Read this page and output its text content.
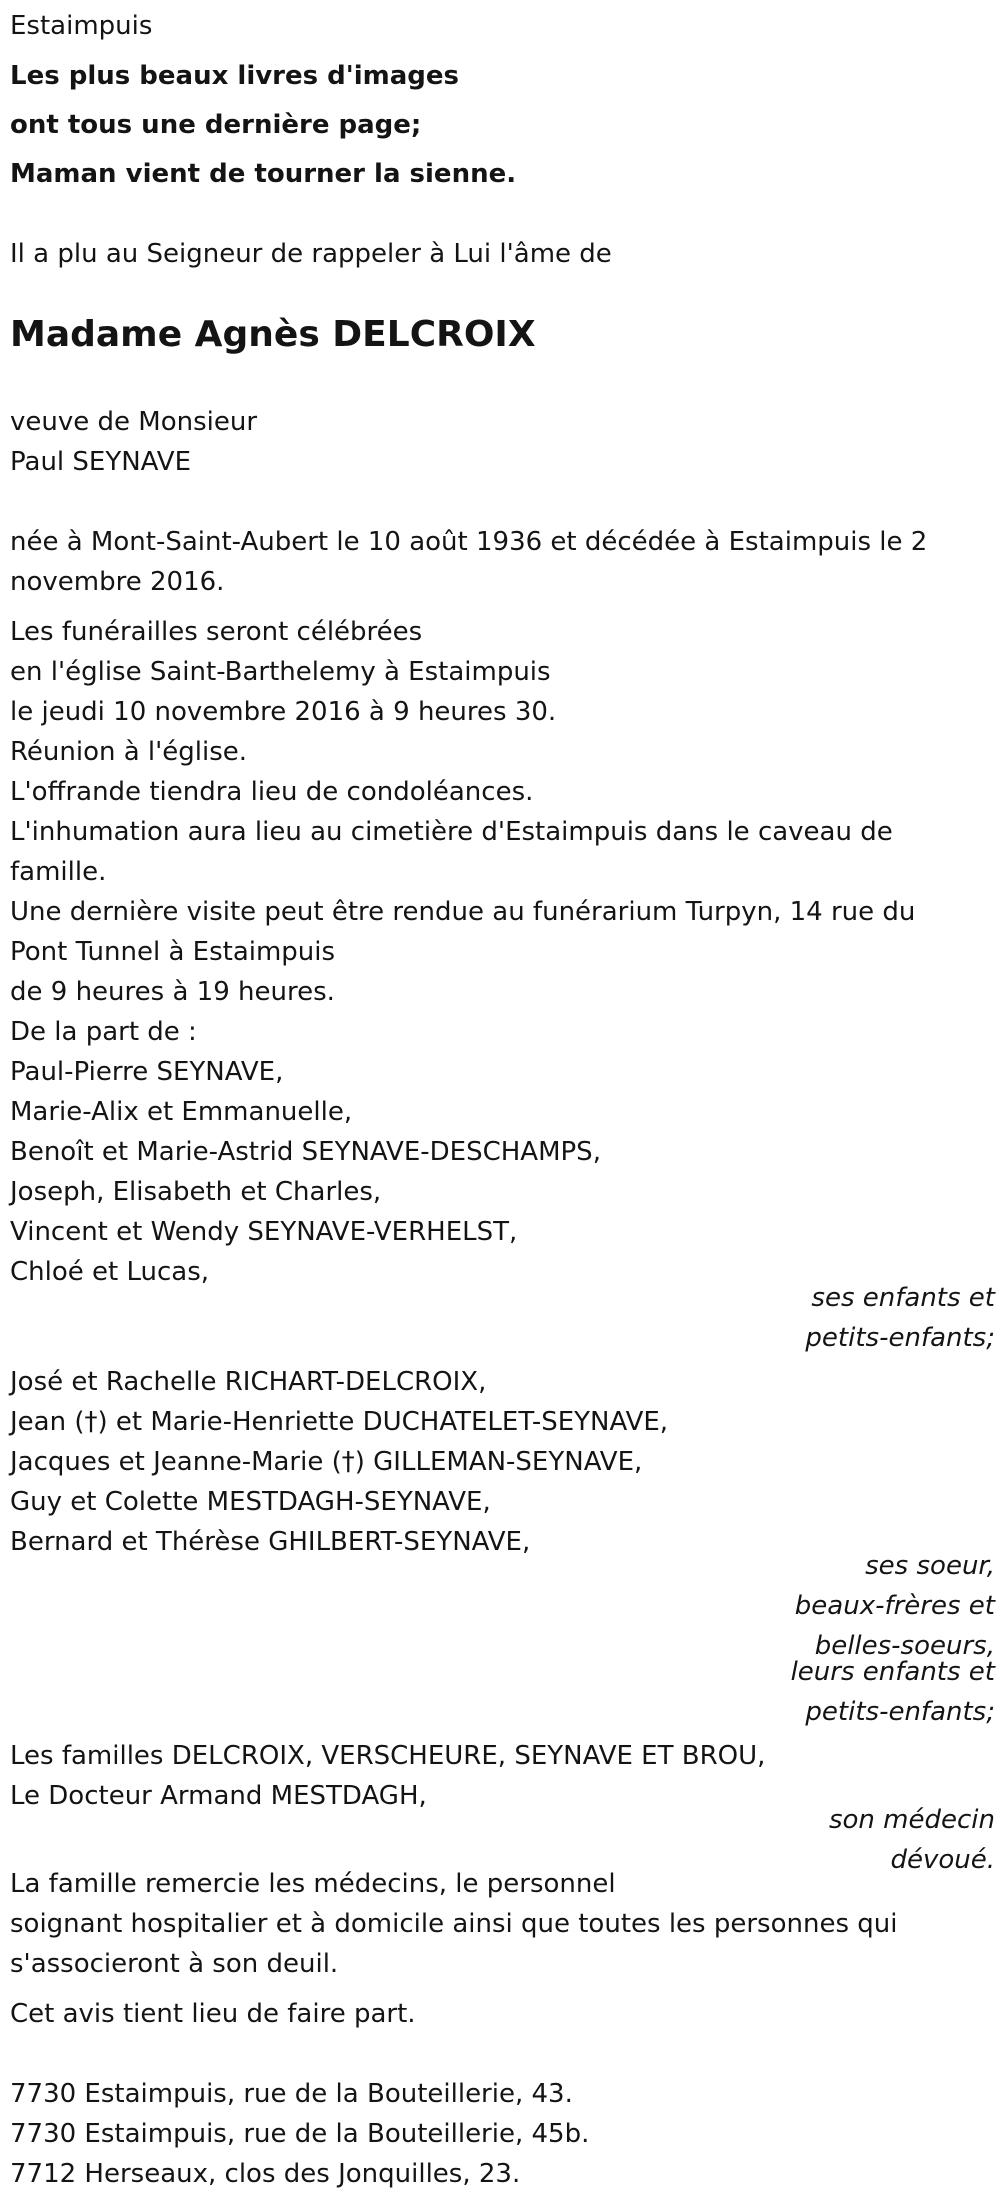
Estaimpuis
Les plus beaux livres d'images
ont tous une dernière page;
Maman vient de tourner la sienne.
Il a plu au Seigneur de rappeler à Lui l'âme de
Madame Agnès DELCROIX
veuve de Monsieur
Paul SEYNAVE
née à Mont-Saint-Aubert le 10 août 1936 et décédée à Estaimpuis le 2 novembre 2016.
Les funérailles seront célébrées
en l'église Saint-Barthelemy à Estaimpuis
le jeudi 10 novembre 2016 à 9 heures 30.
Réunion à l'église.
L'offrande tiendra lieu de condoléances.
L'inhumation aura lieu au cimetière d'Estaimpuis dans le caveau de famille.
Une dernière visite peut être rendue au funérarium Turpyn, 14 rue du Pont Tunnel à Estaimpuis
de 9 heures à 19 heures.
De la part de :
Paul-Pierre SEYNAVE,
Marie-Alix et Emmanuelle,
Benoît et Marie-Astrid SEYNAVE-DESCHAMPS,
Joseph, Elisabeth et Charles,
Vincent et Wendy SEYNAVE-VERHELST,
Chloé et Lucas,
ses enfants et petits-enfants;
José et Rachelle RICHART-DELCROIX,
Jean (†) et Marie-Henriette DUCHATELET-SEYNAVE,
Jacques et Jeanne-Marie (†) GILLEMAN-SEYNAVE,
Guy et Colette MESTDAGH-SEYNAVE,
Bernard et Thérèse GHILBERT-SEYNAVE,
ses soeur, beaux-frères et belles-soeurs,
leurs enfants et petits-enfants;
Les familles DELCROIX, VERSCHEURE, SEYNAVE ET BROU,
Le Docteur Armand MESTDAGH,
son médecin dévoué.
La famille remercie les médecins, le personnel
soignant hospitalier et à domicile ainsi que toutes les personnes qui
s'associeront à son deuil.
Cet avis tient lieu de faire part.
7730 Estaimpuis, rue de la Bouteillerie, 43.
7730 Estaimpuis, rue de la Bouteillerie, 45b.
7712 Herseaux, clos des Jonquilles, 23.
